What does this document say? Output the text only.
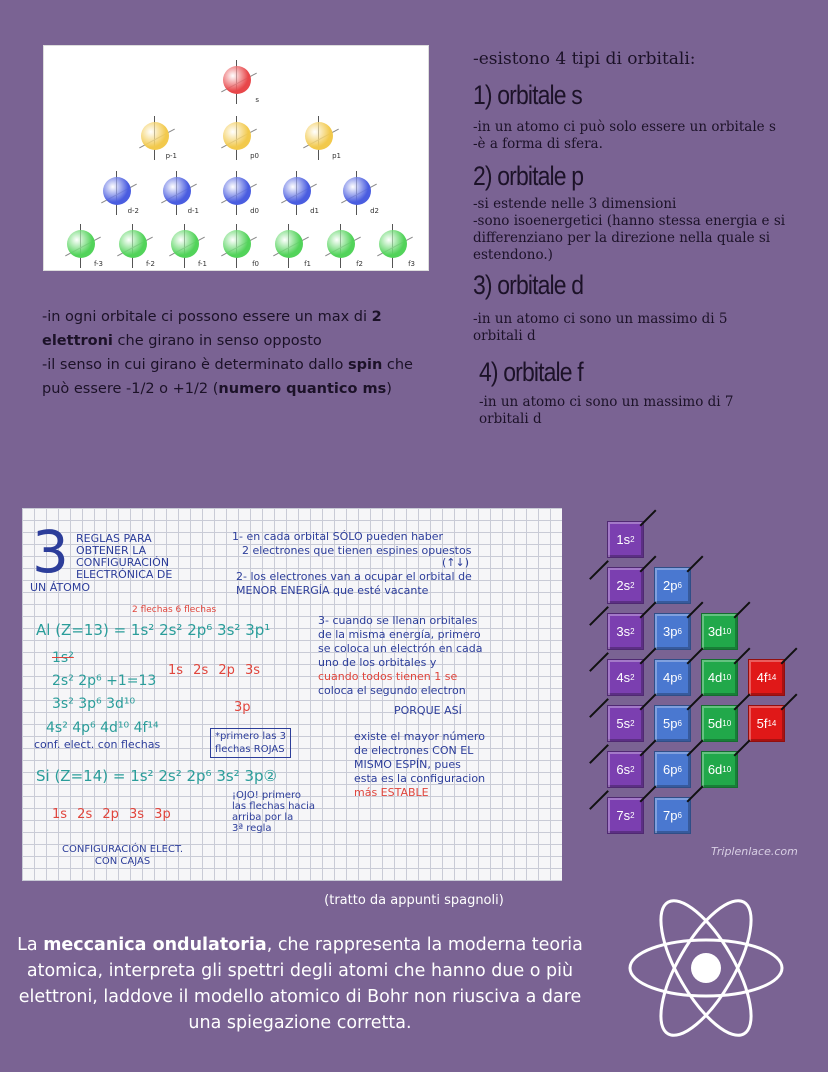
s
p-1	p0	p1
d-2	d-1	d0	d1	d2
f-3	f-2	f-1	f0	f1	f2	f3
-esistono 4 tipi di orbitali:
1) orbitale s
-in un atomo ci può solo essere un orbitale s
-è a forma di sfera.
2) orbitale p
-si estende nelle 3 dimensioni
-sono isoenergetici (hanno stessa energia e si differenziano per la direzione nella quale si estendono.)
3) orbitale d
-in un atomo ci sono un massimo di 5 orbitali d
4) orbitale f
-in un atomo ci sono un massimo di 7 orbitali d
-in ogni orbitale ci possono essere un max di 2 elettroni che girano in senso opposto
-il senso in cui girano è determinato dallo spin che può essere -1/2 o +1/2 (numero quantico ms)
3 REGLAS PARA
OBTENER LA
CONFIGURACIÓN
ELECTRÓNICA DE
UN ÁTOMO
1- en cada orbital SÓLO pueden haber
2 electrones que tienen espines opuestos
(↑↓)
2- los electrones van a ocupar el orbital de
MENOR ENERGÍA que esté vacante
2 flechas 6 flechas
Al (Z=13) = 1s² 2s² 2p⁶ 3s² 3p¹
1s²
2s² 2p⁶ +1=13
3s² 3p⁶ 3d¹⁰
4s² 4p⁶ 4d¹⁰ 4f¹⁴
conf. elect. con flechas
1s 2s 2p 3s
3p
*primero las 3
flechas ROJAS
3- cuando se llenan orbitales
de la misma energía, primero
se coloca un electrón en cada
uno de los orbitales y
cuando todos tienen 1 se
coloca el segundo electron
PORQUE ASÍ
existe el mayor número
de electrones CON EL
MISMO ESPÍN, pues
esta es la configuracion
más ESTABLE
Si (Z=14) = 1s² 2s² 2p⁶ 3s² 3p②
1s 2s 2p 3s 3p
¡OJO! primero
las flechas hacia
arriba por la
3ª regla
CONFIGURACIÓN ELECT.
CON CAJAS
1s 2
2s 2 2p 6
3s 2 3p 6 3d 10
4s 2 4p 6 4d 10 4f 14
5s 2 5p 6 5d 10 5f 14
6s 2 6p 6 6d 10
7s 2 7p 6
Triplenlace.com
(tratto da appunti spagnoli)
La meccanica ondulatoria, che rappresenta la moderna teoria atomica, interpreta gli spettri degli atomi che hanno due o più elettroni, laddove il modello atomico di Bohr non riusciva a dare una spiegazione corretta.
